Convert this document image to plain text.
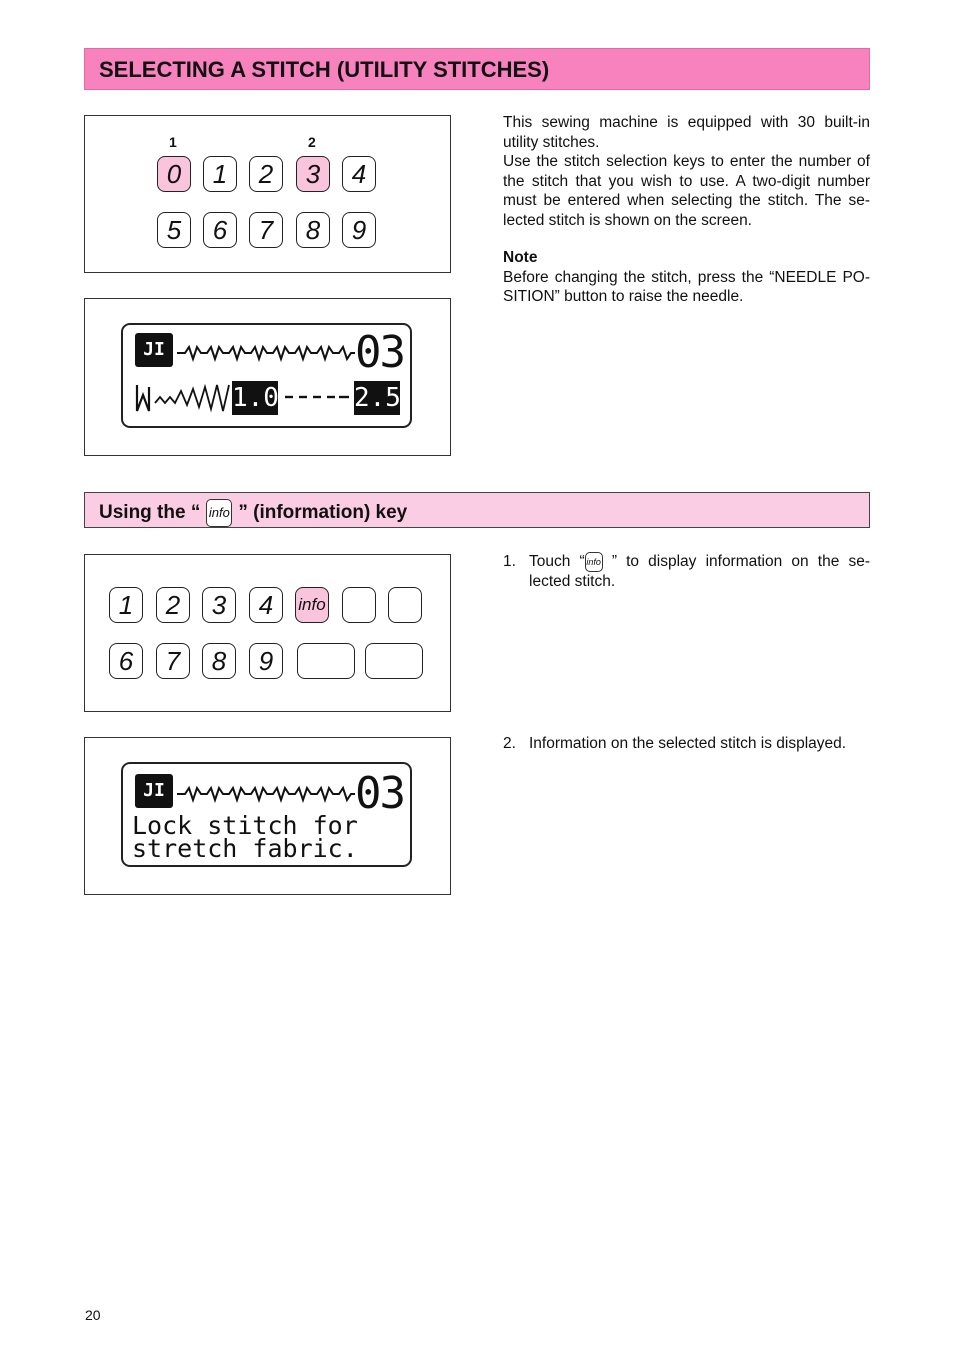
SELECTING A STITCH (UTILITY STITCHES)
1	2
0	1	2	3	4
5	6	7	8	9
JI	03
1.0	2.5

This sewing machine is equipped with 30 built-in utility stitches.

Use the stitch selection keys to enter the number of the stitch that you wish to use. A two-digit number must be entered when selecting the stitch. The se-lected stitch is shown on the screen.

Note

Before changing the stitch, press the “NEEDLE PO-SITION” button to raise the needle.

Using the “ info ” (information) key
1	2	3	4	info
6	7	8	9
1. Touch “ info ” to display information on the se-lected stitch.
JI	03
Lock stitch for
stretch fabric.
2. Information on the selected stitch is displayed.
20
